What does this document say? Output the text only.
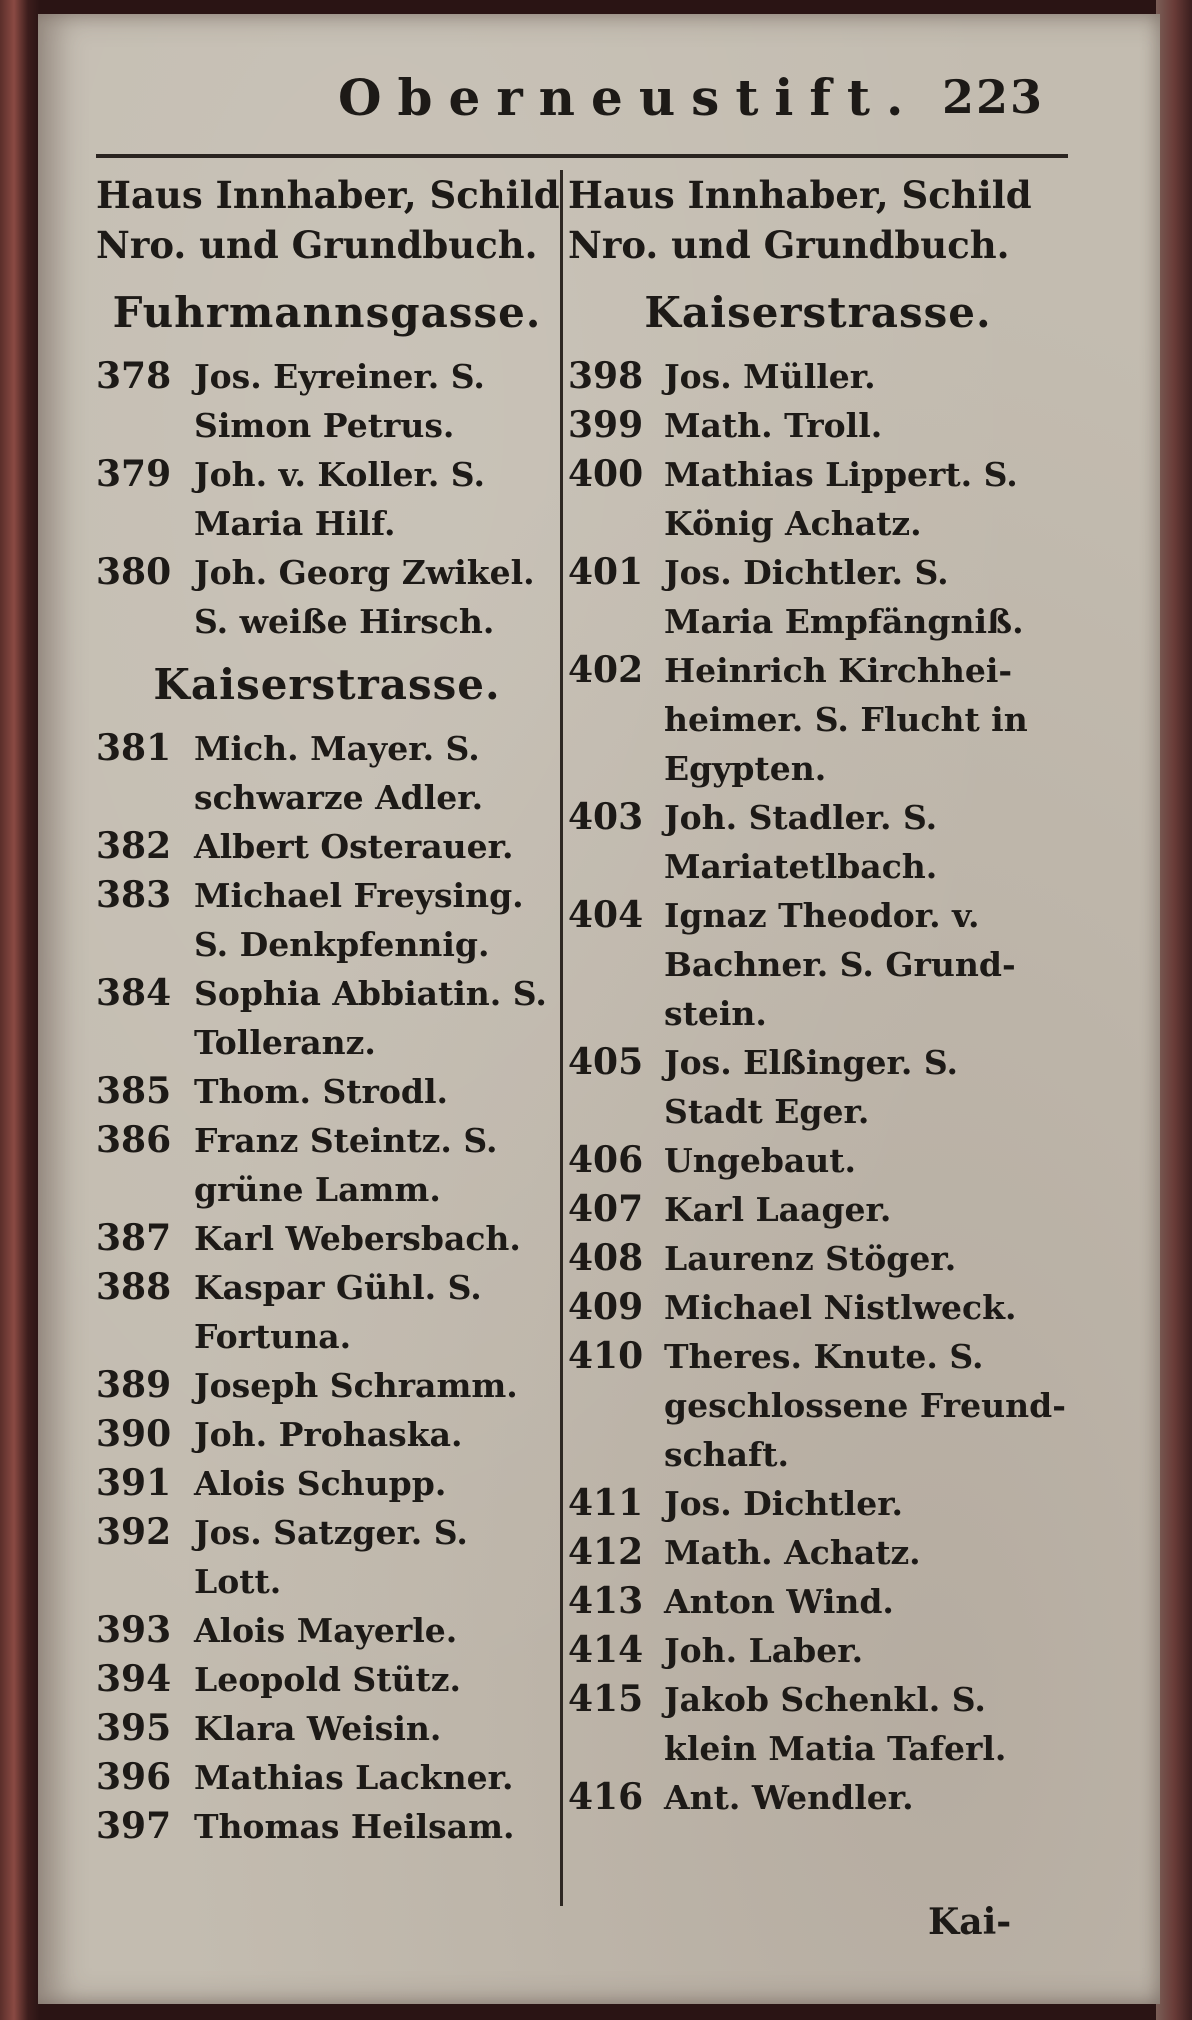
Oberneustift. 223
Haus Innhaber, Schild
Nro. und Grundbuch.
Fuhrmannsgasse.
378 Jos. Eyreiner. S.
Simon Petrus.
379 Joh. v. Koller. S.
Maria Hilf.
380 Joh. Georg Zwikel.
S. weiße Hirsch.
Kaiserstrasse.
381 Mich. Mayer. S.
schwarze Adler.
382 Albert Osterauer.
383 Michael Freysing.
S. Denkpfennig.
384 Sophia Abbiatin. S.
Tolleranz.
385 Thom. Strodl.
386 Franz Steintz. S.
grüne Lamm.
387 Karl Webersbach.
388 Kaspar Gühl. S.
Fortuna.
389 Joseph Schramm.
390 Joh. Prohaska.
391 Alois Schupp.
392 Jos. Satzger. S.
Lott.
393 Alois Mayerle.
394 Leopold Stütz.
395 Klara Weisin.
396 Mathias Lackner.
397 Thomas Heilsam.
Haus Innhaber, Schild
Nro. und Grundbuch.
Kaiserstrasse.
398 Jos. Müller.
399 Math. Troll.
400 Mathias Lippert. S.
König Achatz.
401 Jos. Dichtler. S.
Maria Empfängniß.
402 Heinrich Kirchhei-
heimer. S. Flucht in
Egypten.
403 Joh. Stadler. S.
Mariatetlbach.
404 Ignaz Theodor. v.
Bachner. S. Grund-
stein.
405 Jos. Elßinger. S.
Stadt Eger.
406 Ungebaut.
407 Karl Laager.
408 Laurenz Stöger.
409 Michael Nistlweck.
410 Theres. Knute. S.
geschlossene Freund-
schaft.
411 Jos. Dichtler.
412 Math. Achatz.
413 Anton Wind.
414 Joh. Laber.
415 Jakob Schenkl. S.
klein Matia Taferl.
416 Ant. Wendler.
Kai-
